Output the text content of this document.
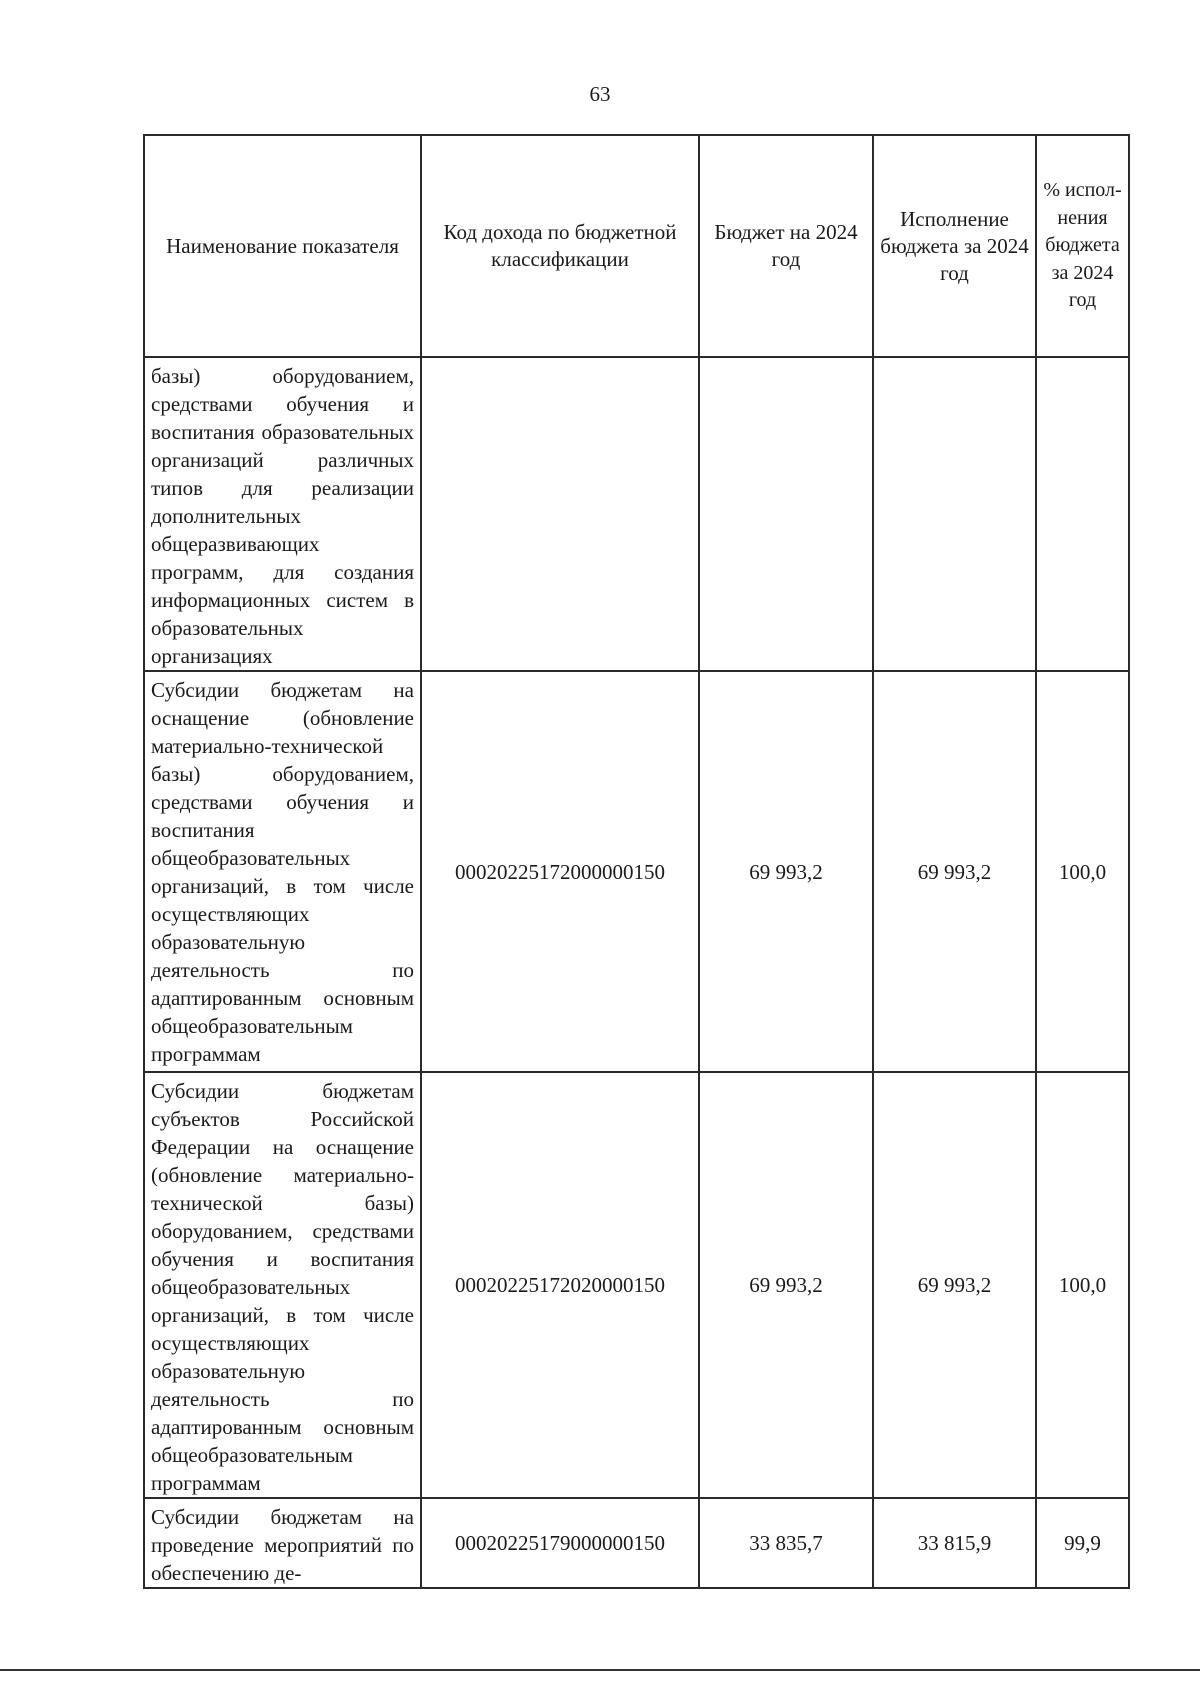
63
Наименование показателя	Код дохода по бюджетной классификации	Бюджет на 2024 год	Исполнение бюджета за 2024 год	% исполнения бюджета за 2024 год
базы) оборудованием, средствами обучения и воспитания образовательных организаций различных типов для реализации дополнительных общеразвивающих программ, для создания информационных систем в образовательных организациях				
Субсидии бюджетам на оснащение (обновление материально-технической базы) оборудованием, средствами обучения и воспитания общеобразовательных организаций, в том числе осуществляющих образовательную деятельность по адаптированным основным общеобразовательным программам	00020225172000000150	69 993,2	69 993,2	100,0
Субсидии бюджетам субъектов Российской Федерации на оснащение (обновление материально-технической базы) оборудованием, средствами обучения и воспитания общеобразовательных организаций, в том числе осуществляющих образовательную деятельность по адаптированным основным общеобразовательным программам	00020225172020000150	69 993,2	69 993,2	100,0
Субсидии бюджетам на проведение мероприятий по обеспечению де-	00020225179000000150	33 835,7	33 815,9	99,9
